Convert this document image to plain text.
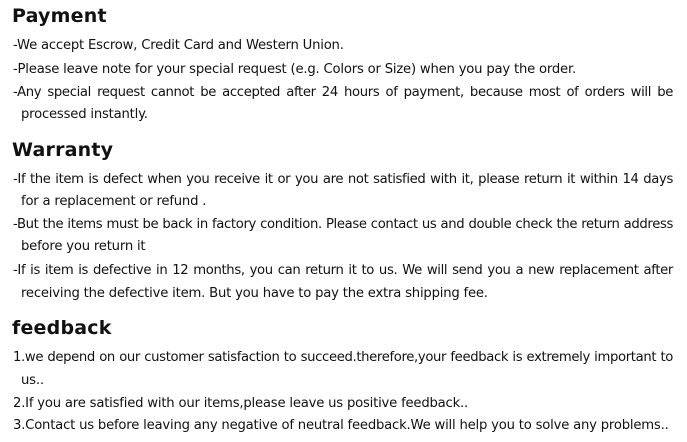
Payment

-We accept Escrow, Credit Card and Western Union.

-Please leave note for your special request (e.g. Colors or Size) when you pay the order.

-Any special request cannot be accepted after 24 hours of payment, because most of orders will be

processed instantly.

Warranty

-If the item is defect when you receive it or you are not satisfied with it, please return it within 14 days

for a replacement or refund .

-But the items must be back in factory condition. Please contact us and double check the return address

before you return it

-If is item is defective in 12 months, you can return it to us. We will send you a new replacement after

receiving the defective item. But you have to pay the extra shipping fee.

feedback

1.we depend on our customer satisfaction to succeed.therefore,your feedback is extremely important to

us..

2.If you are satisfied with our items,please leave us positive feedback..

3.Contact us before leaving any negative of neutral feedback.We will help you to solve any problems..
